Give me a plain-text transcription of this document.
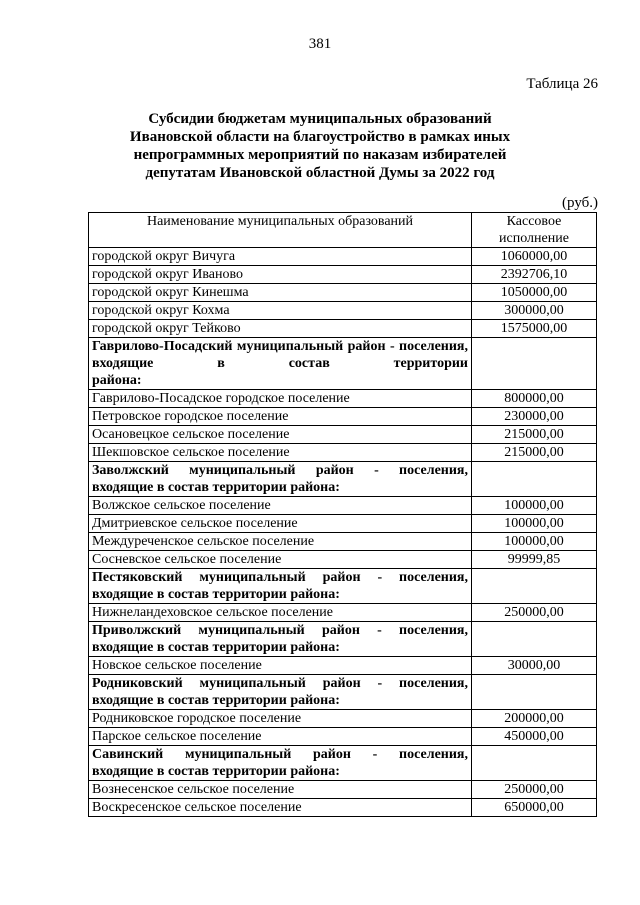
381
Таблица 26
Субсидии бюджетам муниципальных образований
Ивановской области на благоустройство в рамках иных
непрограммных мероприятий по наказам избирателей
депутатам Ивановской областной Думы за 2022 год
(руб.)
Наименование муниципальных образований	Кассовое исполнение
городской округ Вичуга	1060000,00
городской округ Иваново	2392706,10
городской округ Кинешма	1050000,00
городской округ Кохма	300000,00
городской округ Тейково	1575000,00
Гаврилово-Посадский муниципальный район - поселения, входящие в состав территории
района:	

Гаврилово-Посадское городское поселение	800000,00
Петровское городское поселение	230000,00
Осановецкое сельское поселение	215000,00
Шекшовское сельское поселение	215000,00
Заволжский муниципальный район - поселения,
входящие в состав территории района:	

Волжское сельское поселение	100000,00
Дмитриевское сельское поселение	100000,00
Междуреченское сельское поселение	100000,00
Сосневское сельское поселение	99999,85
Пестяковский муниципальный район - поселения,
входящие в состав территории района:	

Нижнеландеховское сельское поселение	250000,00
Приволжский муниципальный район - поселения,
входящие в состав территории района:	

Новское сельское поселение	30000,00
Родниковский муниципальный район - поселения,
входящие в состав территории района:	

Родниковское городское поселение	200000,00
Парское сельское поселение	450000,00
Савинский муниципальный район - поселения,
входящие в состав территории района:	

Вознесенское сельское поселение	250000,00
Воскресенское сельское поселение	650000,00
